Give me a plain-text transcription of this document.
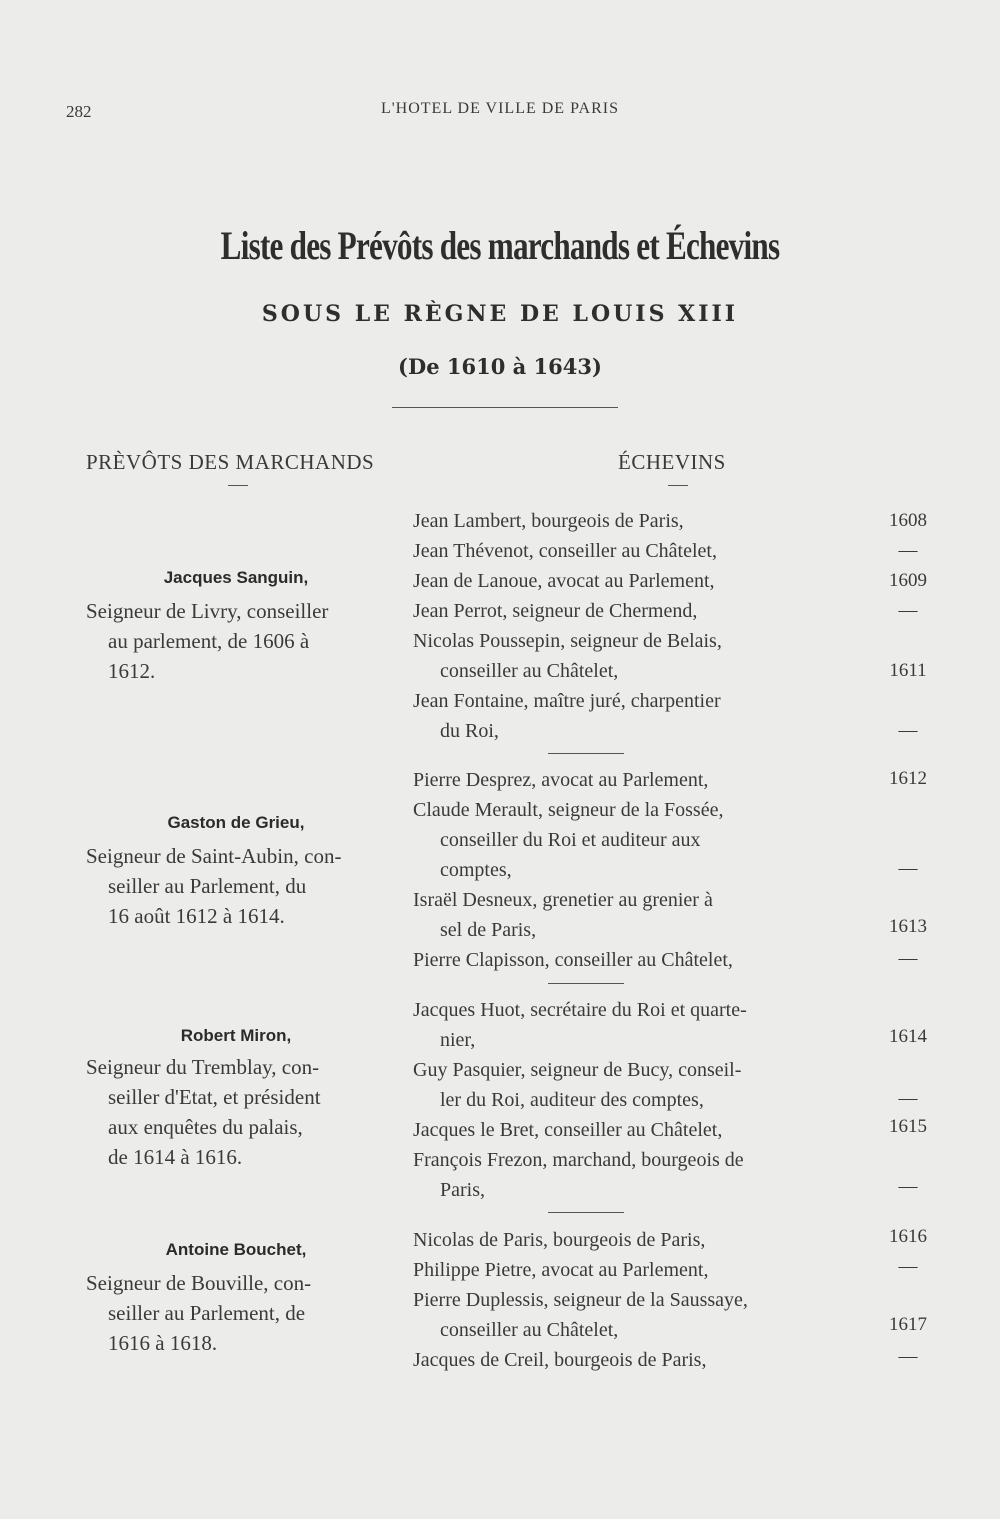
282	L'HOTEL DE VILLE DE PARIS
Liste des Prévôts des marchands et Échevins
SOUS LE RÈGNE DE LOUIS XIII
(De 1610 à 1643)
PRÈVÔTS DES MARCHANDS	ÉCHEVINS
Jacques Sanguin,
Seigneur de Livry, conseiller
au parlement, de 1606 à
1612.
Gaston de Grieu,
Seigneur de Saint-Aubin, con-
seiller au Parlement, du
16 août 1612 à 1614.
Robert Miron,
Seigneur du Tremblay, con-
seiller d'Etat, et président
aux enquêtes du palais,
de 1614 à 1616.
Antoine Bouchet,
Seigneur de Bouville, con-
seiller au Parlement, de
1616 à 1618.
Jean Lambert, bourgeois de Paris,
Jean Thévenot, conseiller au Châtelet,
Jean de Lanoue, avocat au Parlement,
Jean Perrot, seigneur de Chermend,
Nicolas Poussepin, seigneur de Belais,
conseiller au Châtelet,
Jean Fontaine, maître juré, charpentier
du Roi,
Pierre Desprez, avocat au Parlement,
Claude Merault, seigneur de la Fossée,
conseiller du Roi et auditeur aux
comptes,
Israël Desneux, grenetier au grenier à
sel de Paris,
Pierre Clapisson, conseiller au Châtelet,
Jacques Huot, secrétaire du Roi et quarte-
nier,
Guy Pasquier, seigneur de Bucy, conseil-
ler du Roi, auditeur des comptes,
Jacques le Bret, conseiller au Châtelet,
François Frezon, marchand, bourgeois de
Paris,
Nicolas de Paris, bourgeois de Paris,
Philippe Pietre, avocat au Parlement,
Pierre Duplessis, seigneur de la Saussaye,
conseiller au Châtelet,
Jacques de Creil, bourgeois de Paris,
1608
—
1609
—
1611
—
1612
—
1613
—
1614
—
1615
—
1616
—
1617
—
